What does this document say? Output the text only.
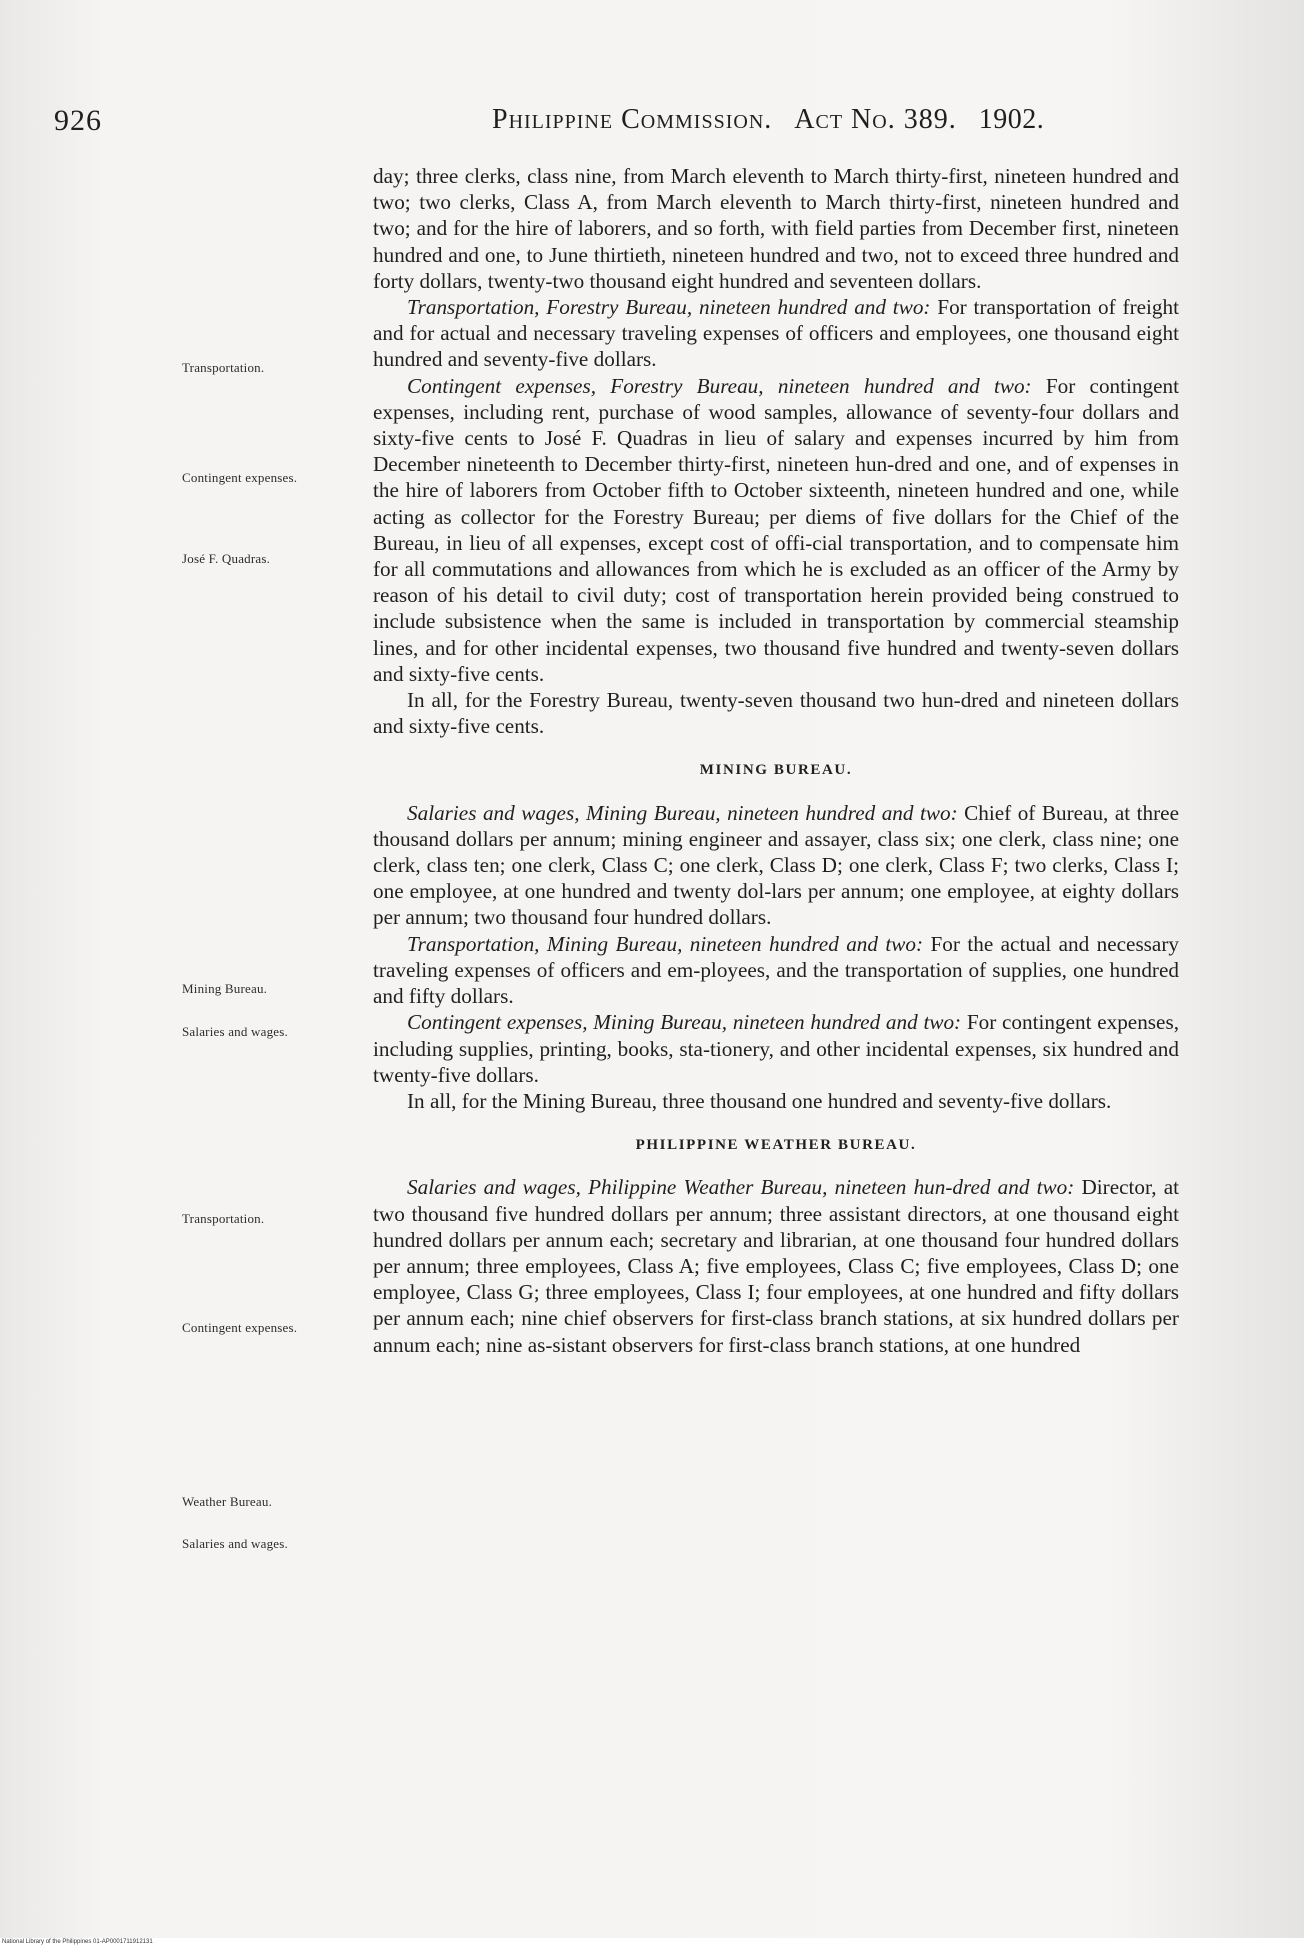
926	Philippine Commission. Act No. 389. 1902.
Transportation.
Contingent expenses.
José F. Quadras.
Mining Bureau.
Salaries and wages.
Transportation.
Contingent expenses.
Weather Bureau.
Salaries and wages.

day; three clerks, class nine, from March eleventh to March thirty-first, nineteen hundred and two; two clerks, Class A, from March eleventh to March thirty-first, nineteen hundred and two; and for the hire of laborers, and so forth, with field parties from December first, nineteen hundred and one, to June thirtieth, nineteen hundred and two, not to exceed three hundred and forty dollars, twenty-two thousand eight hundred and seventeen dollars.

Transportation, Forestry Bureau, nineteen hundred and two: For transportation of freight and for actual and necessary traveling expenses of officers and employees, one thousand eight hundred and seventy-five dollars.

Contingent expenses, Forestry Bureau, nineteen hundred and two: For contingent expenses, including rent, purchase of wood samples, allowance of seventy-four dollars and sixty-five cents to José F. Quadras in lieu of salary and expenses incurred by him from December nineteenth to December thirty-first, nineteen hun-dred and one, and of expenses in the hire of laborers from October fifth to October sixteenth, nineteen hundred and one, while acting as collector for the Forestry Bureau; per diems of five dollars for the Chief of the Bureau, in lieu of all expenses, except cost of offi-cial transportation, and to compensate him for all commutations and allowances from which he is excluded as an officer of the Army by reason of his detail to civil duty; cost of transportation herein provided being construed to include subsistence when the same is included in transportation by commercial steamship lines, and for other incidental expenses, two thousand five hundred and twenty-seven dollars and sixty-five cents.

In all, for the Forestry Bureau, twenty-seven thousand two hun-dred and nineteen dollars and sixty-five cents.

MINING BUREAU.

Salaries and wages, Mining Bureau, nineteen hundred and two: Chief of Bureau, at three thousand dollars per annum; mining engineer and assayer, class six; one clerk, class nine; one clerk, class ten; one clerk, Class C; one clerk, Class D; one clerk, Class F; two clerks, Class I; one employee, at one hundred and twenty dol-lars per annum; one employee, at eighty dollars per annum; two thousand four hundred dollars.

Transportation, Mining Bureau, nineteen hundred and two: For the actual and necessary traveling expenses of officers and em-ployees, and the transportation of supplies, one hundred and fifty dollars.

Contingent expenses, Mining Bureau, nineteen hundred and two: For contingent expenses, including supplies, printing, books, sta-tionery, and other incidental expenses, six hundred and twenty-five dollars.

In all, for the Mining Bureau, three thousand one hundred and seventy-five dollars.

PHILIPPINE WEATHER BUREAU.

Salaries and wages, Philippine Weather Bureau, nineteen hun-dred and two: Director, at two thousand five hundred dollars per annum; three assistant directors, at one thousand eight hundred dollars per annum each; secretary and librarian, at one thousand four hundred dollars per annum; three employees, Class A; five employees, Class C; five employees, Class D; one employee, Class G; three employees, Class I; four employees, at one hundred and fifty dollars per annum each; nine chief observers for first-class branch stations, at six hundred dollars per annum each; nine as-sistant observers for first-class branch stations, at one hundred

National Library of the Philippines 01-AP0001711912131
